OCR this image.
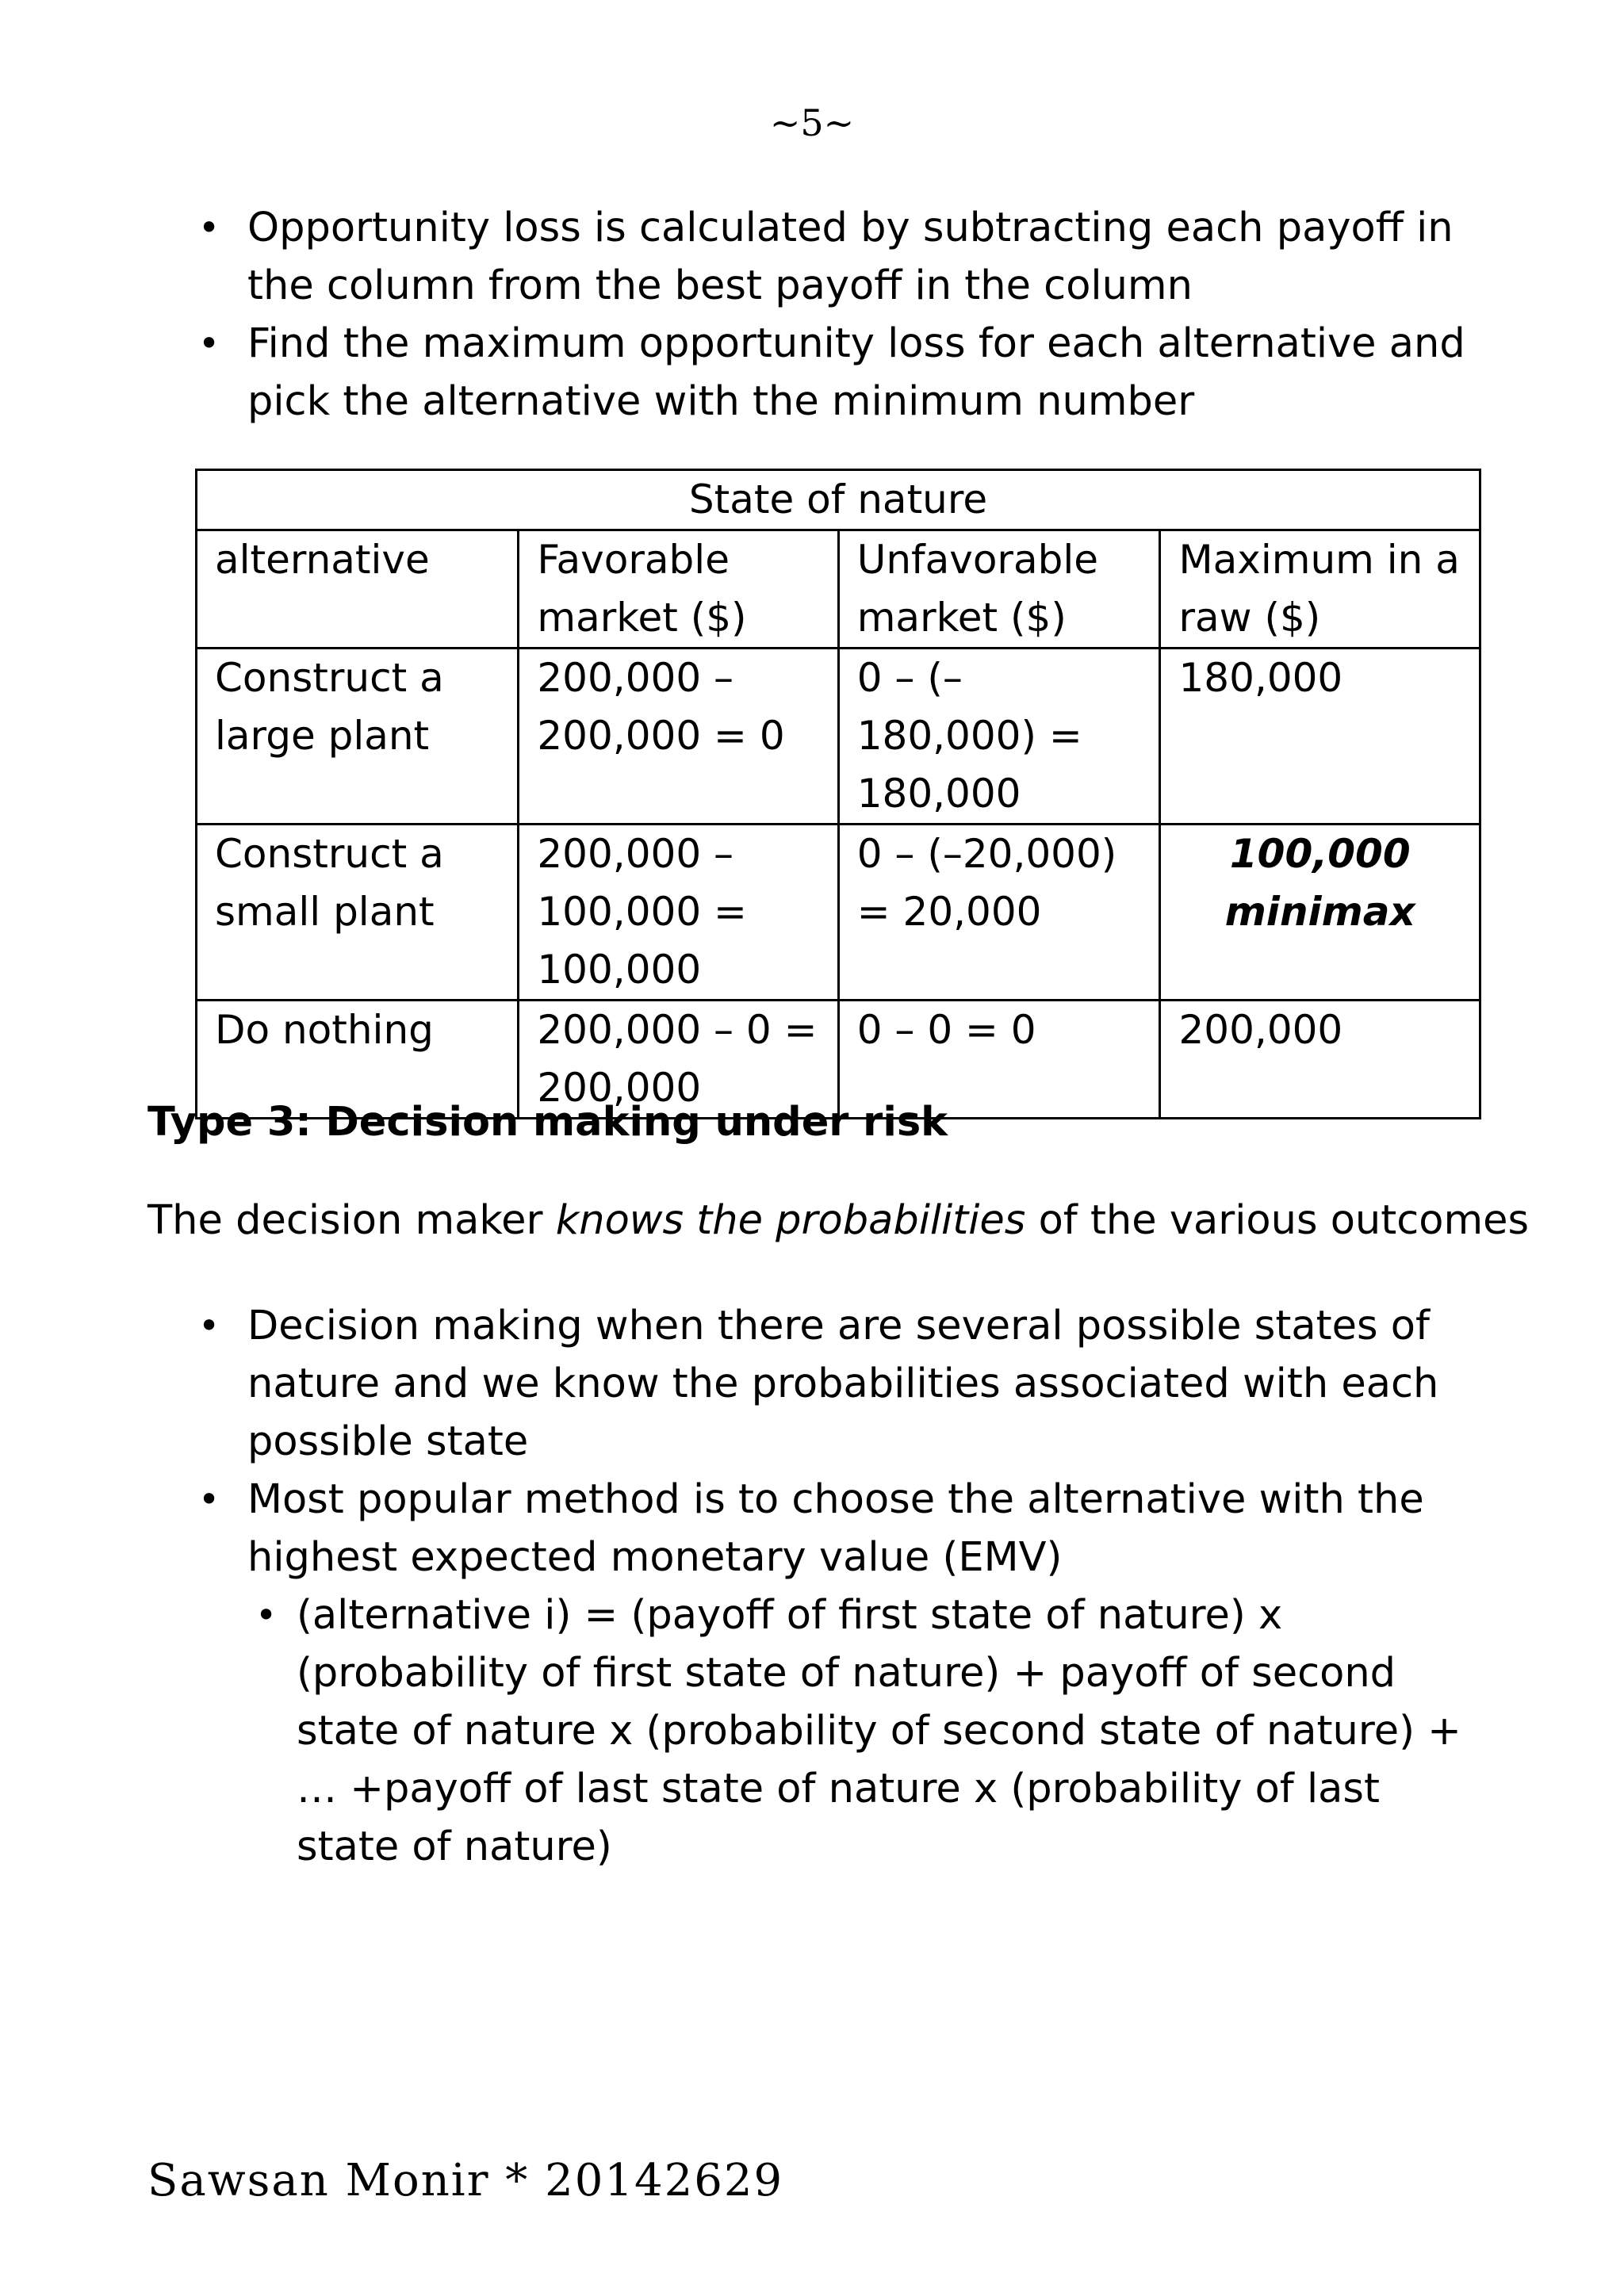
~5~
• Opportunity loss is calculated by subtracting each payoff in the column from the best payoff in the column
• Find the maximum opportunity loss for each alternative and pick the alternative with the minimum number
State of nature			
alternative	Favorable market ($)	Unfavorable market ($)	Maximum in a raw ($)
Construct a large plant	200,000 – 200,000 = 0	0 – (–180,000) = 180,000	180,000
Construct a small plant	200,000 – 100,000 = 100,000	0 – (–20,000) = 20,000	100,000 minimax
Do nothing	200,000 – 0 = 200,000	0 – 0 = 0	200,000
Type 3: Decision making under risk

The decision maker knows the probabilities of the various outcomes

• Decision making when there are several possible states of nature and we know the probabilities associated with each possible state
• Most popular method is to choose the alternative with the highest expected monetary value (EMV)
• (alternative i) = (payoff of first state of nature) x (probability of first state of nature) + payoff of second state of nature x (probability of second state of nature) + … +payoff of last state of nature x (probability of last state of nature)
Sawsan Monir * 20142629
